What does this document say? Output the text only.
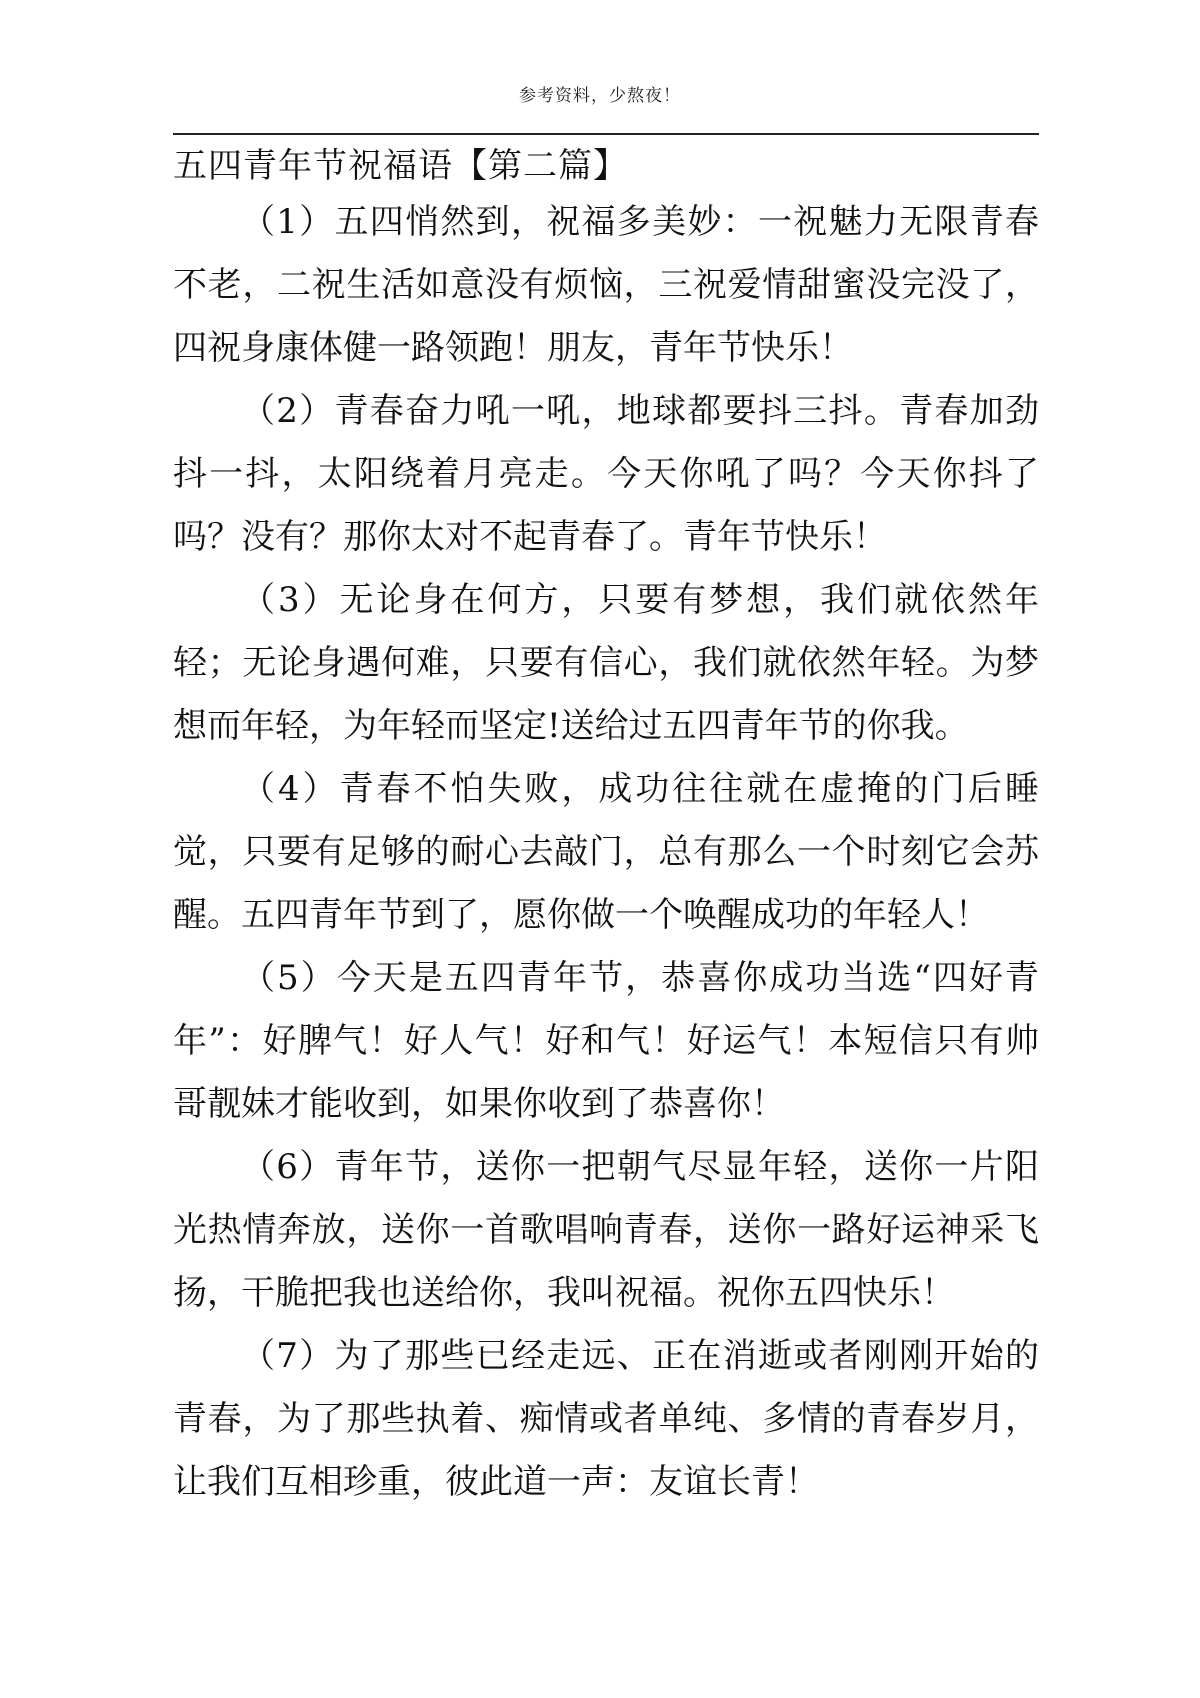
参考资料，少熬夜！
五四青年节祝福语【第二篇】

（1）五四悄然到，祝福多美妙：一祝魅力无限青春不老，二祝生活如意没有烦恼，三祝爱情甜蜜没完没了，四祝身康体健一路领跑！朋友，青年节快乐！

（2）青春奋力吼一吼，地球都要抖三抖。青春加劲抖一抖，太阳绕着月亮走。今天你吼了吗？今天你抖了吗？没有？那你太对不起青春了。青年节快乐！

（3）无论身在何方，只要有梦想，我们就依然年轻；无论身遇何难，只要有信心，我们就依然年轻。为梦想而年轻，为年轻而坚定!送给过五四青年节的你我。

（4）青春不怕失败，成功往往就在虚掩的门后睡觉，只要有足够的耐心去敲门，总有那么一个时刻它会苏醒。五四青年节到了，愿你做一个唤醒成功的年轻人！

（5）今天是五四青年节，恭喜你成功当选“四好青年”：好脾气！好人气！好和气！好运气！本短信只有帅哥靓妹才能收到，如果你收到了恭喜你！

（6）青年节，送你一把朝气尽显年轻，送你一片阳光热情奔放，送你一首歌唱响青春，送你一路好运神采飞扬，干脆把我也送给你，我叫祝福。祝你五四快乐！

（7）为了那些已经走远、正在消逝或者刚刚开始的青春，为了那些执着、痴情或者单纯、多情的青春岁月，让我们互相珍重，彼此道一声：友谊长青！
